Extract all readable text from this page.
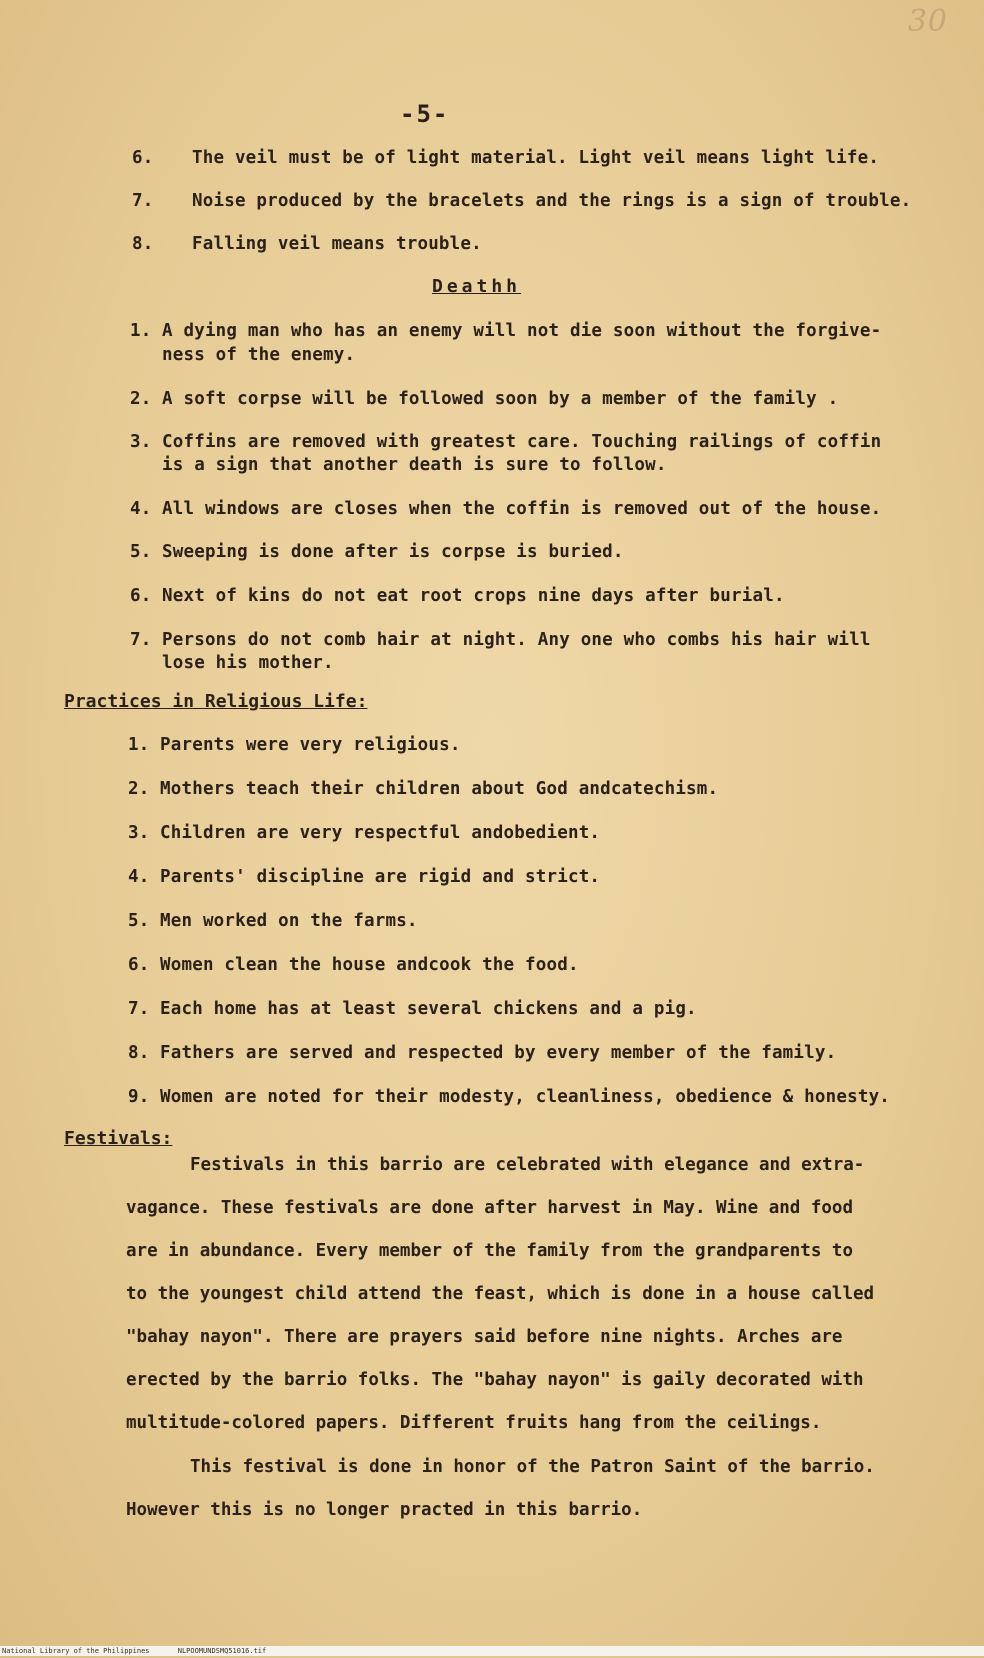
30
-5-
6. The veil must be of light material. Light veil means light life.
7. Noise produced by the bracelets and the rings is a sign of trouble.
8. Falling veil means trouble.
Deathh
1. A dying man who has an enemy will not die soon without the forgive-
ness of the enemy.
2. A soft corpse will be followed soon by a member of the family .
3. Coffins are removed with greatest care. Touching railings of coffin
is a sign that another death is sure to follow.
4. All windows are closes when the coffin is removed out of the house.
5. Sweeping is done after is corpse is buried.
6. Next of kins do not eat root crops nine days after burial.
7. Persons do not comb hair at night. Any one who combs his hair will
lose his mother.
Practices in Religious Life:
1. Parents were very religious.
2. Mothers teach their children about God andcatechism.
3. Children are very respectful andobedient.
4. Parents' discipline are rigid and strict.
5. Men worked on the farms.
6. Women clean the house andcook the food.
7. Each home has at least several chickens and a pig.
8. Fathers are served and respected by every member of the family.
9. Women are noted for their modesty, cleanliness, obedience & honesty.
Festivals:
Festivals in this barrio are celebrated with elegance and extra-
vagance. These festivals are done after harvest in May. Wine and food
are in abundance. Every member of the family from the grandparents to
to the youngest child attend the feast, which is done in a house called
"bahay nayon". There are prayers said before nine nights. Arches are
erected by the barrio folks. The "bahay nayon" is gaily decorated with
multitude-colored papers. Different fruits hang from the ceilings.
This festival is done in honor of the Patron Saint of the barrio.
However this is no longer practed in this barrio.
National Library of the Philippines	NLPOOMUNDSMQ51016.tif
